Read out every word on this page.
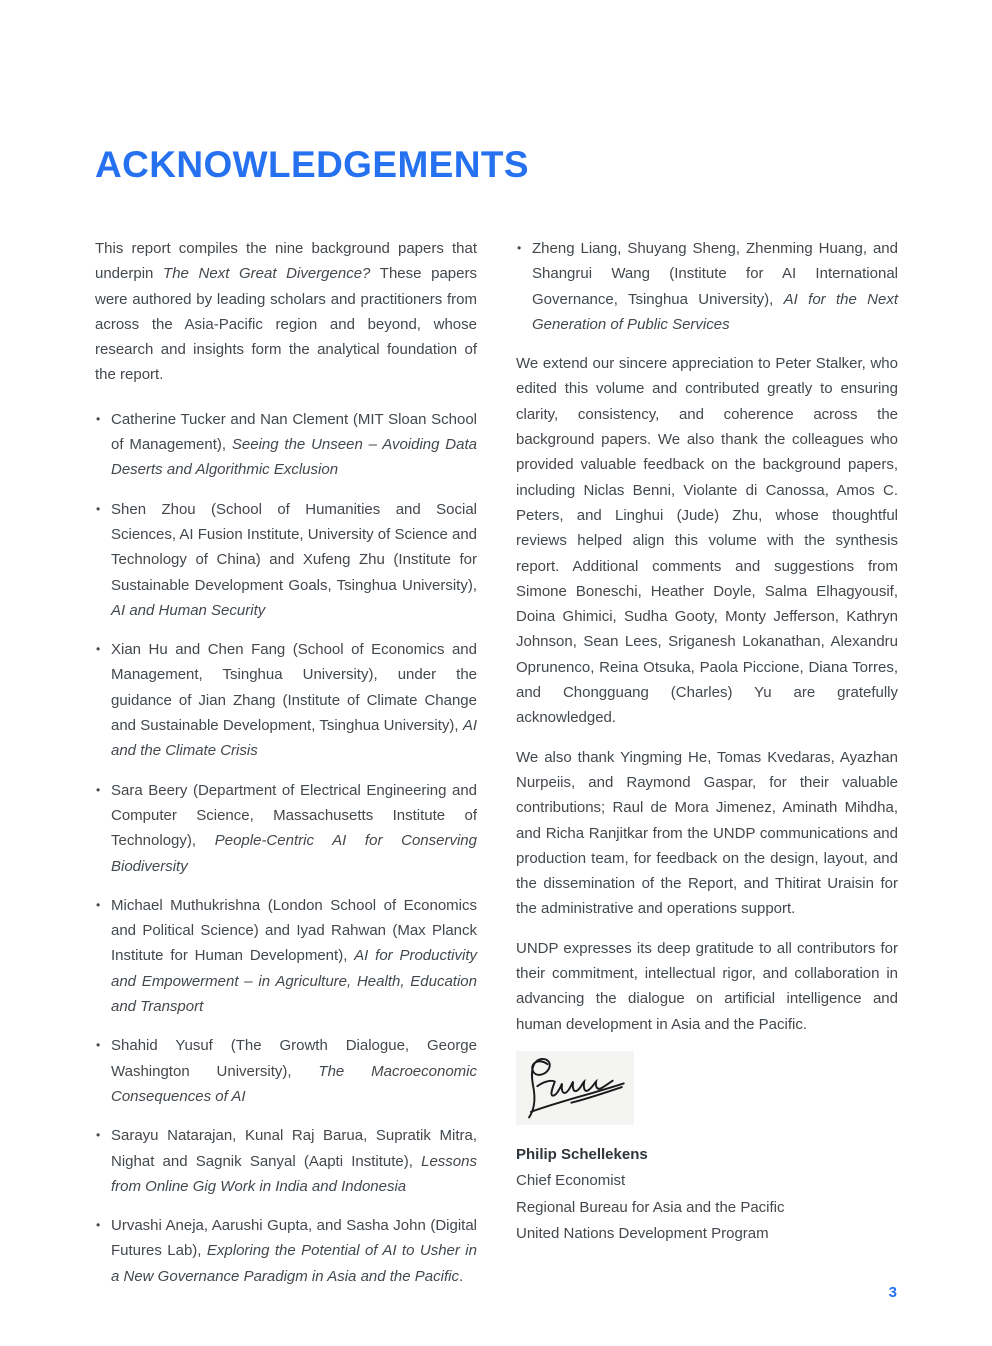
ACKNOWLEDGEMENTS

This report compiles the nine background papers that underpin The Next Great Divergence? These papers were authored by leading scholars and practitioners from across the Asia-Pacific region and beyond, whose research and insights form the analytical foundation of the report.

• Catherine Tucker and Nan Clement (MIT Sloan School of Management), Seeing the Unseen – Avoiding Data Deserts and Algorithmic Exclusion
• Shen Zhou (School of Humanities and Social Sciences, AI Fusion Institute, University of Science and Technology of China) and Xufeng Zhu (Institute for Sustainable Development Goals, Tsinghua University), AI and Human Security
• Xian Hu and Chen Fang (School of Economics and Management, Tsinghua University), under the guidance of Jian Zhang (Institute of Climate Change and Sustainable Development, Tsinghua University), AI and the Climate Crisis
• Sara Beery (Department of Electrical Engineering and Computer Science, Massachusetts Institute of Technology), People-Centric AI for Conserving Biodiversity
• Michael Muthukrishna (London School of Economics and Political Science) and Iyad Rahwan (Max Planck Institute for Human Development), AI for Productivity and Empowerment – in Agriculture, Health, Education and Transport
• Shahid Yusuf (The Growth Dialogue, George Washington University), The Macroeconomic Consequences of AI
• Sarayu Natarajan, Kunal Raj Barua, Supratik Mitra, Nighat and Sagnik Sanyal (Aapti Institute), Lessons from Online Gig Work in India and Indonesia
• Urvashi Aneja, Aarushi Gupta, and Sasha John (Digital Futures Lab), Exploring the Potential of AI to Usher in a New Governance Paradigm in Asia and the Pacific.
• Zheng Liang, Shuyang Sheng, Zhenming Huang, and Shangrui Wang (Institute for AI International Governance, Tsinghua University), AI for the Next Generation of Public Services

We extend our sincere appreciation to Peter Stalker, who edited this volume and contributed greatly to ensuring clarity, consistency, and coherence across the background papers. We also thank the colleagues who provided valuable feedback on the background papers, including Niclas Benni, Violante di Canossa, Amos C. Peters, and Linghui (Jude) Zhu, whose thoughtful reviews helped align this volume with the synthesis report. Additional comments and suggestions from Simone Boneschi, Heather Doyle, Salma Elhagyousif, Doina Ghimici, Sudha Gooty, Monty Jefferson, Kathryn Johnson, Sean Lees, Sriganesh Lokanathan, Alexandru Oprunenco, Reina Otsuka, Paola Piccione, Diana Torres, and Chongguang (Charles) Yu are gratefully acknowledged.

We also thank Yingming He, Tomas Kvedaras, Ayazhan Nurpeiis, and Raymond Gaspar, for their valuable contributions; Raul de Mora Jimenez, Aminath Mihdha, and Richa Ranjitkar from the UNDP communications and production team, for feedback on the design, layout, and the dissemination of the Report, and Thitirat Uraisin for the administrative and operations support.

UNDP expresses its deep gratitude to all contributors for their commitment, intellectual rigor, and collaboration in advancing the dialogue on artificial intelligence and human development in Asia and the Pacific.

Philip Schellekens

Chief Economist

Regional Bureau for Asia and the Pacific

United Nations Development Program

3
